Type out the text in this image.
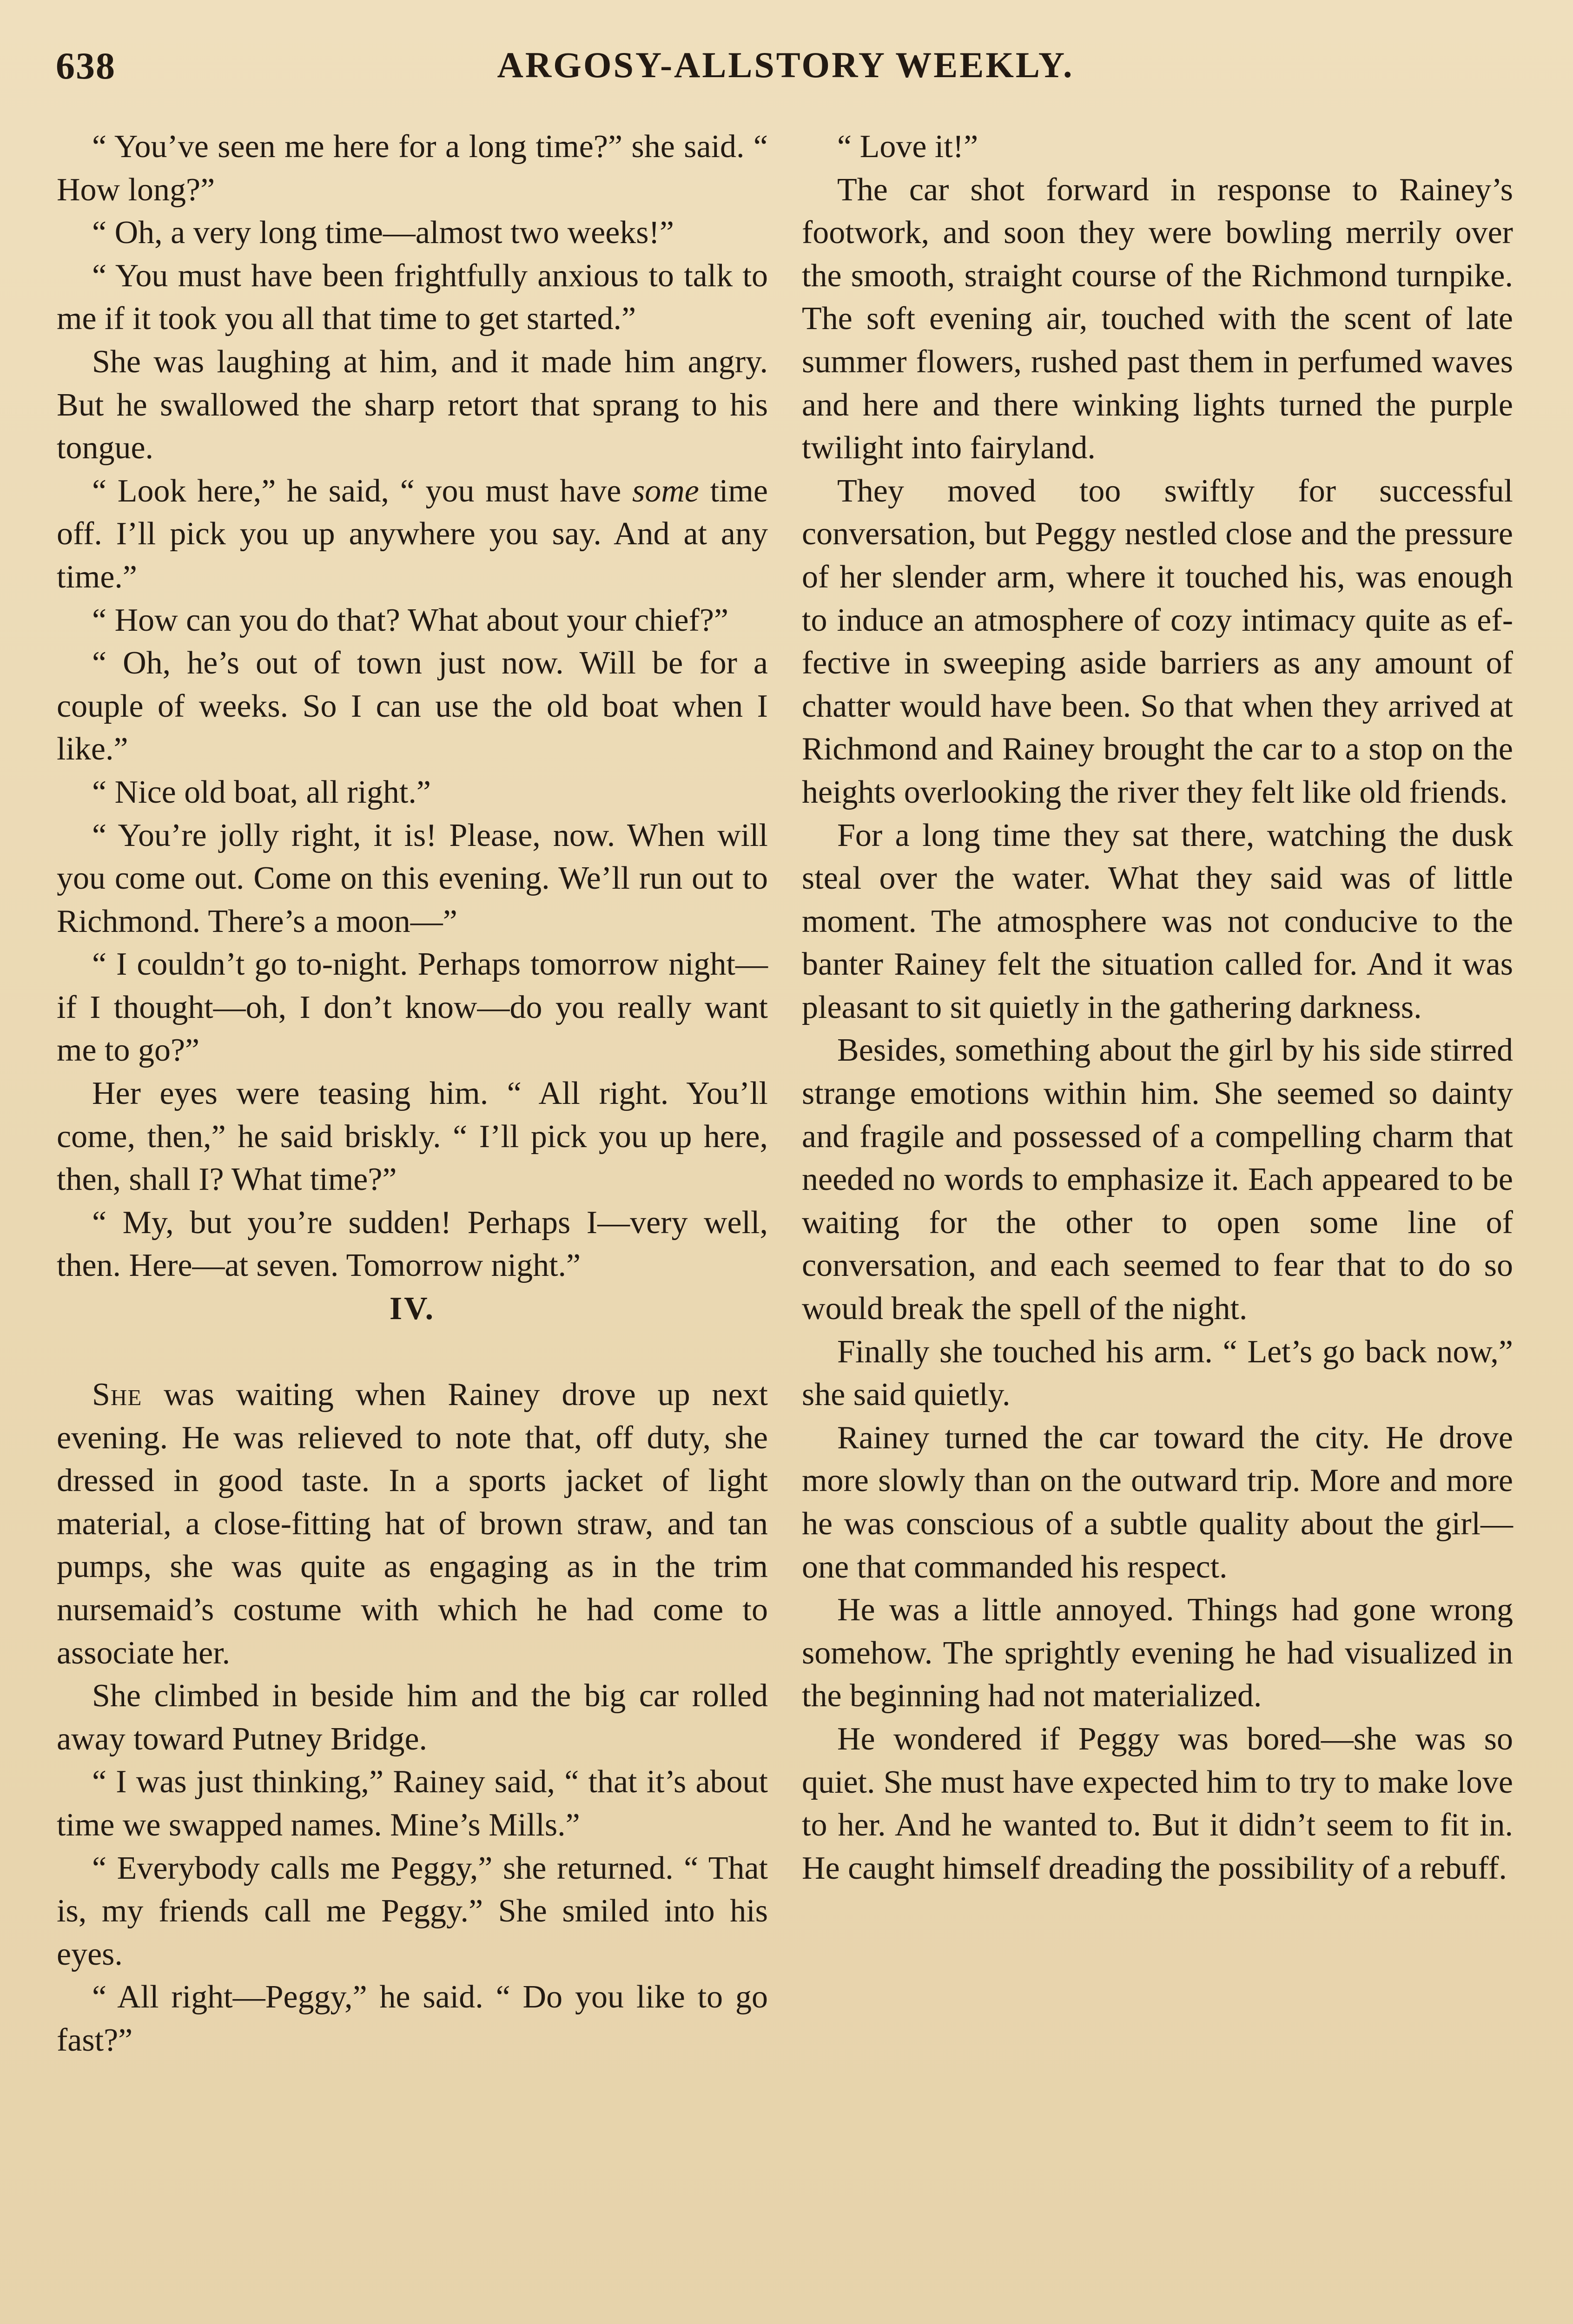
638	ARGOSY-ALLSTORY WEEKLY.

“ You’ve seen me here for a long time?” she said. “ How long?”

“ Oh, a very long time—almost two weeks!”

“ You must have been frightfully anxious to talk to me if it took you all that time to get started.”

She was laughing at him, and it made him angry. But he swallowed the sharp retort that sprang to his tongue.

“ Look here,” he said, “ you must have some time off. I’ll pick you up anywhere you say. And at any time.”

“ How can you do that? What about your chief?”

“ Oh, he’s out of town just now. Will be for a couple of weeks. So I can use the old boat when I like.”

“ Nice old boat, all right.”

“ You’re jolly right, it is! Please, now. When will you come out. Come on this evening. We’ll run out to Richmond. There’s a moon—”

“ I couldn’t go to-night. Perhaps tomorrow night—if I thought—oh, I don’t know—do you really want me to go?”

Her eyes were teasing him. “ All right. You’ll come, then,” he said briskly. “ I’ll pick you up here, then, shall I? What time?”

“ My, but you’re sudden! Perhaps I—very well, then. Here—at seven. Tomorrow night.”

IV.

She was waiting when Rainey drove up next evening. He was relieved to note that, off duty, she dressed in good taste. In a sports jacket of light material, a close-fitting hat of brown straw, and tan pumps, she was quite as engaging as in the trim nursemaid’s costume with which he had come to associate her.

She climbed in beside him and the big car rolled away toward Putney Bridge.

“ I was just thinking,” Rainey said, “ that it’s about time we swapped names. Mine’s Mills.”

“ Everybody calls me Peggy,” she returned. “ That is, my friends call me Peggy.” She smiled into his eyes.

“ All right—Peggy,” he said. “ Do you like to go fast?”

“ Love it!”

The car shot forward in response to Rainey’s footwork, and soon they were bowling merrily over the smooth, straight course of the Richmond turnpike. The soft evening air, touched with the scent of late summer flowers, rushed past them in perfumed waves and here and there winking lights turned the purple twilight into fairyland.

They moved too swiftly for successful conversation, but Peggy nestled close and the pressure of her slender arm, where it touched his, was enough to induce an atmosphere of cozy intimacy quite as effective in sweeping aside barriers as any amount of chatter would have been. So that when they arrived at Richmond and Rainey brought the car to a stop on the heights overlooking the river they felt like old friends.

For a long time they sat there, watching the dusk steal over the water. What they said was of little moment. The atmosphere was not conducive to the banter Rainey felt the situation called for. And it was pleasant to sit quietly in the gathering darkness.

Besides, something about the girl by his side stirred strange emotions within him. She seemed so dainty and fragile and possessed of a compelling charm that needed no words to emphasize it. Each appeared to be waiting for the other to open some line of conversation, and each seemed to fear that to do so would break the spell of the night.

Finally she touched his arm. “ Let’s go back now,” she said quietly.

Rainey turned the car toward the city. He drove more slowly than on the outward trip. More and more he was conscious of a subtle quality about the girl—one that commanded his respect.

He was a little annoyed. Things had gone wrong somehow. The sprightly evening he had visualized in the beginning had not materialized.

He wondered if Peggy was bored—she was so quiet. She must have expected him to try to make love to her. And he wanted to. But it didn’t seem to fit in. He caught himself dreading the possibility of a rebuff.
